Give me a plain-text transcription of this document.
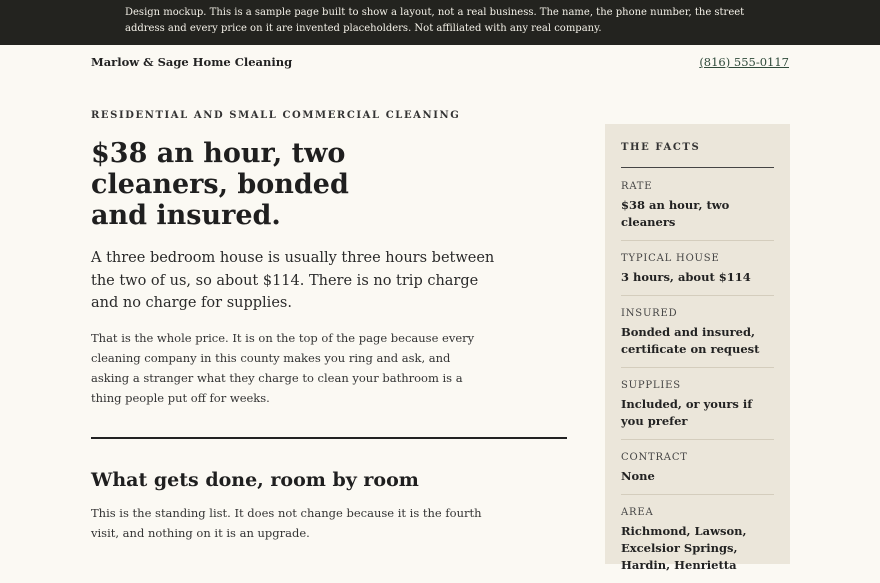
Design mockup. This is a sample page built to show a layout, not a real business. The name, the phone number, the street address and every price on it are invented placeholders. Not affiliated with any real company.
Marlow & Sage Home Cleaning	(816) 555-0117
RESIDENTIAL AND SMALL COMMERCIAL CLEANING
$38 an hour, two cleaners, bonded and insured.

A three bedroom house is usually three hours between the two of us, so about $114. There is no trip charge and no charge for supplies.

That is the whole price. It is on the top of the page because every cleaning company in this county makes you ring and ask, and asking a stranger what they charge to clean your bathroom is a thing people put off for weeks.

What gets done, room by room

This is the standing list. It does not change because it is the fourth visit, and nothing on it is an upgrade.

THE FACTS
RATE
$38 an hour, two cleaners
TYPICAL HOUSE
3 hours, about $114
INSURED
Bonded and insured, certificate on request
SUPPLIES
Included, or yours if you prefer
CONTRACT
None
AREA
Richmond, Lawson, Excelsior Springs, Hardin, Henrietta
